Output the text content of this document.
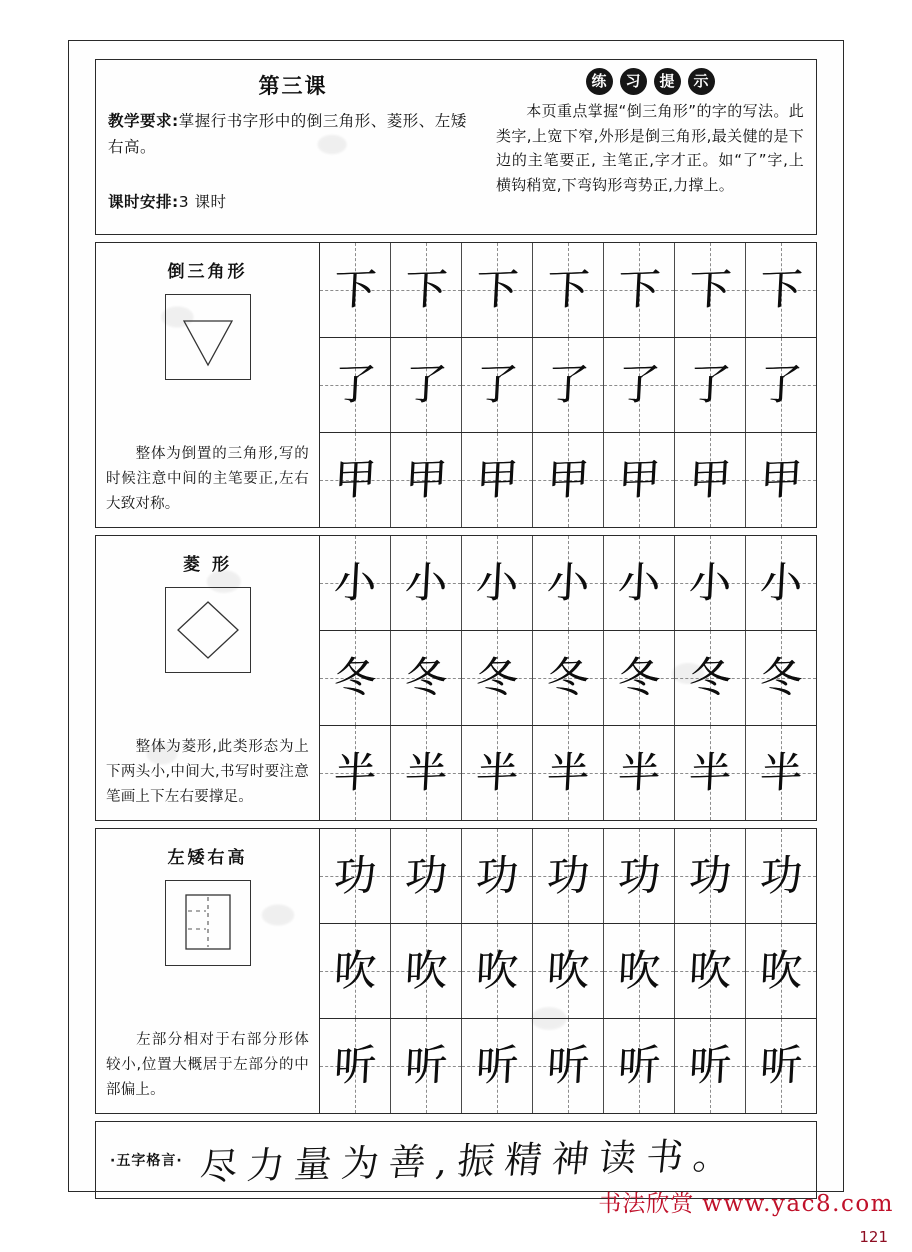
第三课
教学要求:掌握行书字形中的倒三角形、菱形、左矮右高。
课时安排:3 课时
练	习	提	示
本页重点掌握“倒三角形”的字的写法。此类字,上宽下窄,外形是倒三角形,最关健的是下边的主笔要正, 主笔正,字才正。如“了”字,上横钩稍宽,下弯钩形弯势正,力撑上。
倒三角形
整体为倒置的三角形,写的时候注意中间的主笔要正,左右大致对称。
下 下 下 下 下 下 下
了 了 了 了 了 了 了
甲 甲 甲 甲 甲 甲 甲
菱 形
整体为菱形,此类形态为上下两头小,中间大,书写时要注意笔画上下左右要撑足。
小 小 小 小 小 小 小
冬 冬 冬 冬 冬 冬 冬
半 半 半 半 半 半 半
左矮右高
左部分相对于右部分形体较小,位置大概居于左部分的中部偏上。
功 功 功 功 功 功 功
吹 吹 吹 吹 吹 吹 吹
听 听 听 听 听 听 听
·五字格言· 尽力量为善,振精神读书。
书法欣赏 www.yac8.com
121
